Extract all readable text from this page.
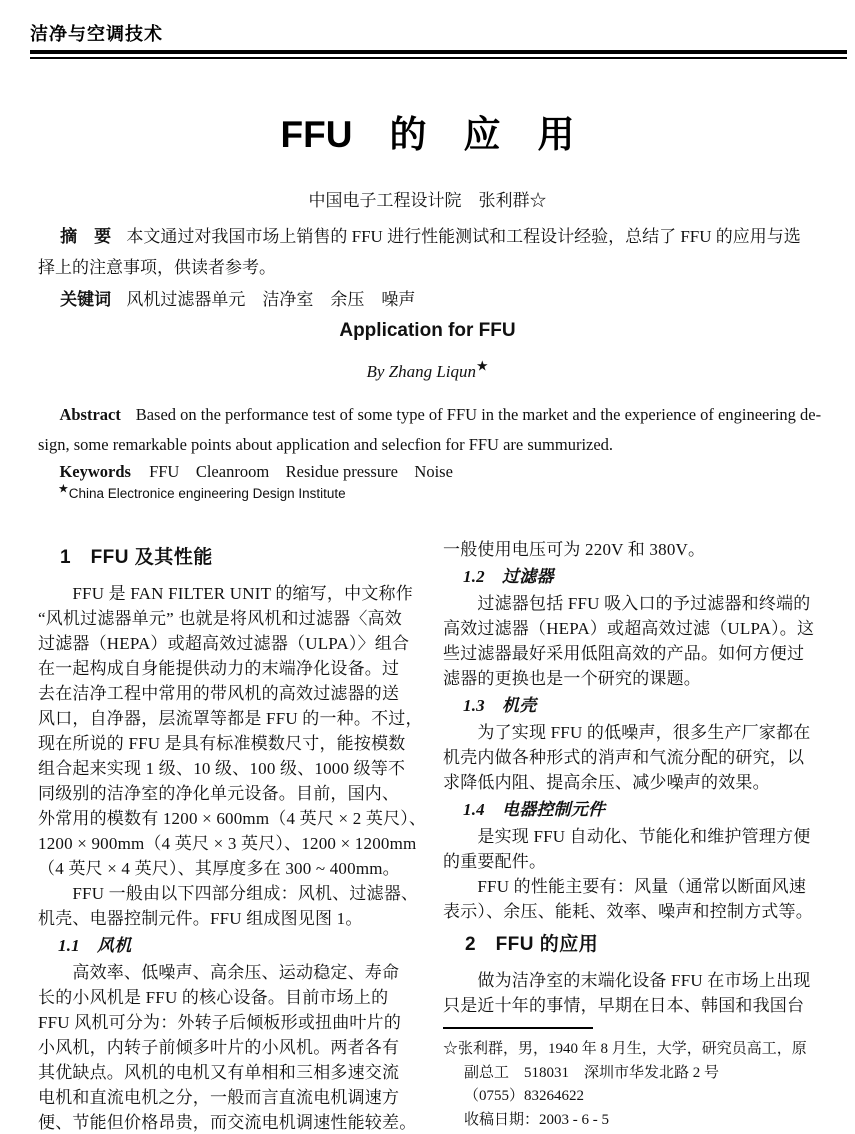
洁净与空调技术
FFU　的　应　用
中国电子工程设计院　张利群☆
摘　要 本文通过对我国市场上销售的 FFU 进行性能测试和工程设计经验，总结了 FFU 的应用与选
择上的注意事项，供读者参考。
关键词 风机过滤器单元　洁净室　余压　噪声
Application for FFU
By Zhang Liqun★
Abstract Based on the performance test of some type of FFU in the market and the experience of engineering de-
sign, some remarkable points about application and selecfion for FFU are summurized.
Keywords FFU　Cleanroom　Residue pressure　Noise
★China Electronice engineering Design Institute
1　FFU 及其性能
　　FFU 是 FAN FILTER UNIT 的缩写，中文称作
“风机过滤器单元” 也就是将风机和过滤器〈高效
过滤器（HEPA）或超高效过滤器（ULPA）〉组合
在一起构成自身能提供动力的末端净化设备。过
去在洁净工程中常用的带风机的高效过滤器的送
风口，自净器，层流罩等都是 FFU 的一种。不过，
现在所说的 FFU 是具有标准模数尺寸，能按模数
组合起来实现 1 级、10 级、100 级、1000 级等不
同级别的洁净室的净化单元设备。目前，国内、
外常用的模数有 1200 × 600mm（4 英尺 × 2 英尺）、
1200 × 900mm（4 英尺 × 3 英尺）、1200 × 1200mm
（4 英尺 × 4 英尺）、其厚度多在 300 ~ 400mm。
　　FFU 一般由以下四部分组成：风机、过滤器、
机壳、电器控制元件。FFU 组成图见图 1。
1.1　风机
　　高效率、低噪声、高余压、运动稳定、寿命
长的小风机是 FFU 的核心设备。目前市场上的
FFU 风机可分为：外转子后倾板形或扭曲叶片的
小风机，内转子前倾多叶片的小风机。两者各有
其优缺点。风机的电机又有单相和三相多速交流
电机和直流电机之分，一般而言直流电机调速方
便、节能但价格昂贵，而交流电机调速性能较差。
一般使用电压可为 220V 和 380V。
1.2　过滤器
　　过滤器包括 FFU 吸入口的予过滤器和终端的
高效过滤器（HEPA）或超高效过滤（ULPA）。这
些过滤器最好采用低阻高效的产品。如何方便过
滤器的更换也是一个研究的课题。
1.3　机壳
　　为了实现 FFU 的低噪声，很多生产厂家都在
机壳内做各种形式的消声和气流分配的研究，以
求降低内阻、提高余压、减少噪声的效果。
1.4　电器控制元件
　　是实现 FFU 自动化、节能化和维护管理方便
的重要配件。
　　FFU 的性能主要有：风量（通常以断面风速
表示）、余压、能耗、效率、噪声和控制方式等。
2　FFU 的应用
　　做为洁净室的末端化设备 FFU 在市场上出现
只是近十年的事情，早期在日本、韩国和我国台
☆张利群，男，1940 年 8 月生，大学，研究员高工，原
副总工　518031　深圳市华发北路 2 号
（0755）83264622
收稿日期：2003 - 6 - 5
